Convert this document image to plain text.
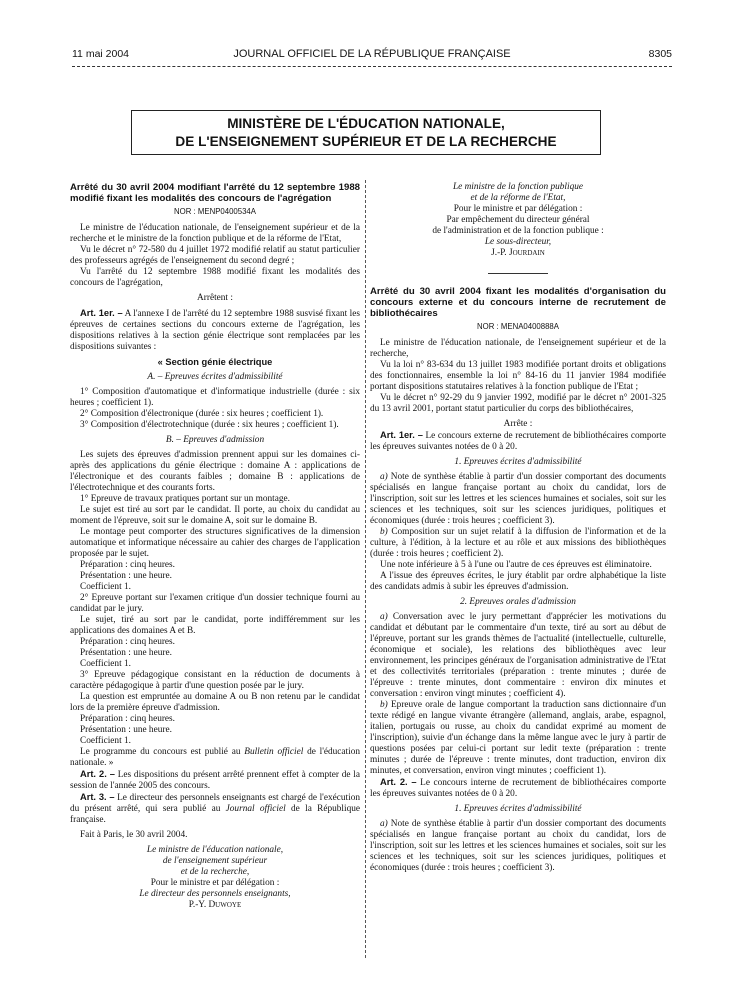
11 mai 2004	JOURNAL OFFICIEL DE LA RÉPUBLIQUE FRANÇAISE	8305
MINISTÈRE DE L'ÉDUCATION NATIONALE,
DE L'ENSEIGNEMENT SUPÉRIEUR ET DE LA RECHERCHE

Arrêté du 30 avril 2004 modifiant l'arrêté du 12 septembre 1988 modifié fixant les modalités des concours de l'agrégation

NOR : MENP0400534A

Le ministre de l'éducation nationale, de l'enseignement supérieur et de la recherche et le ministre de la fonction publique et de la réforme de l'Etat,

Vu le décret n° 72-580 du 4 juillet 1972 modifié relatif au statut particulier des professeurs agrégés de l'enseignement du second degré ;

Vu l'arrêté du 12 septembre 1988 modifié fixant les modalités des concours de l'agrégation,

Arrêtent :

Art. 1er. – A l'annexe I de l'arrêté du 12 septembre 1988 susvisé fixant les épreuves de certaines sections du concours externe de l'agrégation, les dispositions relatives à la section génie électrique sont remplacées par les dispositions suivantes :

« Section génie électrique

A. – Epreuves écrites d'admissibilité

1° Composition d'automatique et d'informatique industrielle (durée : six heures ; coefficient 1).

2° Composition d'électronique (durée : six heures ; coefficient 1).

3° Composition d'électrotechnique (durée : six heures ; coefficient 1).

B. – Epreuves d'admission

Les sujets des épreuves d'admission prennent appui sur les domaines ci-après des applications du génie électrique : domaine A : applications de l'électronique et des courants faibles ; domaine B : applications de l'électrotechnique et des courants forts.

1° Epreuve de travaux pratiques portant sur un montage.

Le sujet est tiré au sort par le candidat. Il porte, au choix du candidat au moment de l'épreuve, soit sur le domaine A, soit sur le domaine B.

Le montage peut comporter des structures significatives de la dimension automatique et informatique nécessaire au cahier des charges de l'application proposée par le sujet.

Préparation : cinq heures.

Présentation : une heure.

Coefficient 1.

2° Epreuve portant sur l'examen critique d'un dossier technique fourni au candidat par le jury.

Le sujet, tiré au sort par le candidat, porte indifféremment sur les applications des domaines A et B.

Préparation : cinq heures.

Présentation : une heure.

Coefficient 1.

3° Epreuve pédagogique consistant en la réduction de documents à caractère pédagogique à partir d'une question posée par le jury.

La question est empruntée au domaine A ou B non retenu par le candidat lors de la première épreuve d'admission.

Préparation : cinq heures.

Présentation : une heure.

Coefficient 1.

Le programme du concours est publié au Bulletin officiel de l'éducation nationale. »

Art. 2. – Les dispositions du présent arrêté prennent effet à compter de la session de l'année 2005 des concours.

Art. 3. – Le directeur des personnels enseignants est chargé de l'exécution du présent arrêté, qui sera publié au Journal officiel de la République française.

Fait à Paris, le 30 avril 2004.

Le ministre de l'éducation nationale,

de l'enseignement supérieur

et de la recherche,

Pour le ministre et par délégation :

Le directeur des personnels enseignants,

P.-Y. Duwoye

Le ministre de la fonction publique

et de la réforme de l'Etat,

Pour le ministre et par délégation :

Par empêchement du directeur général

de l'administration et de la fonction publique :

Le sous-directeur,

J.-P. Jourdain

Arrêté du 30 avril 2004 fixant les modalités d'organisation du concours externe et du concours interne de recrutement de bibliothécaires

NOR : MENA0400888A

Le ministre de l'éducation nationale, de l'enseignement supérieur et de la recherche,

Vu la loi n° 83-634 du 13 juillet 1983 modifiée portant droits et obligations des fonctionnaires, ensemble la loi n° 84-16 du 11 janvier 1984 modifiée portant dispositions statutaires relatives à la fonction publique de l'Etat ;

Vu le décret n° 92-29 du 9 janvier 1992, modifié par le décret n° 2001-325 du 13 avril 2001, portant statut particulier du corps des bibliothécaires,

Arrête :

Art. 1er. – Le concours externe de recrutement de bibliothécaires comporte les épreuves suivantes notées de 0 à 20.

1. Epreuves écrites d'admissibilité

a) Note de synthèse établie à partir d'un dossier comportant des documents spécialisés en langue française portant au choix du candidat, lors de l'inscription, soit sur les lettres et les sciences humaines et sociales, soit sur les sciences et les techniques, soit sur les sciences juridiques, politiques et économiques (durée : trois heures ; coefficient 3).

b) Composition sur un sujet relatif à la diffusion de l'information et de la culture, à l'édition, à la lecture et au rôle et aux missions des bibliothèques (durée : trois heures ; coefficient 2).

Une note inférieure à 5 à l'une ou l'autre de ces épreuves est éliminatoire.

A l'issue des épreuves écrites, le jury établit par ordre alphabétique la liste des candidats admis à subir les épreuves d'admission.

2. Epreuves orales d'admission

a) Conversation avec le jury permettant d'apprécier les motivations du candidat et débutant par le commentaire d'un texte, tiré au sort au début de l'épreuve, portant sur les grands thèmes de l'actualité (intellectuelle, culturelle, économique et sociale), les relations des bibliothèques avec leur environnement, les principes généraux de l'organisation administrative de l'Etat et des collectivités territoriales (préparation : trente minutes ; durée de l'épreuve : trente minutes, dont commentaire : environ dix minutes et conversation : environ vingt minutes ; coefficient 4).

b) Epreuve orale de langue comportant la traduction sans dictionnaire d'un texte rédigé en langue vivante étrangère (allemand, anglais, arabe, espagnol, italien, portugais ou russe, au choix du candidat exprimé au moment de l'inscription), suivie d'un échange dans la même langue avec le jury à partir de questions posées par celui-ci portant sur ledit texte (préparation : trente minutes ; durée de l'épreuve : trente minutes, dont traduction, environ dix minutes, et conversation, environ vingt minutes ; coefficient 1).

Art. 2. – Le concours interne de recrutement de bibliothécaires comporte les épreuves suivantes notées de 0 à 20.

1. Epreuves écrites d'admissibilité

a) Note de synthèse établie à partir d'un dossier comportant des documents spécialisés en langue française portant au choix du candidat, lors de l'inscription, soit sur les lettres et les sciences humaines et sociales, soit sur les sciences et les techniques, soit sur les sciences juridiques, politiques et économiques (durée : trois heures ; coefficient 3).
